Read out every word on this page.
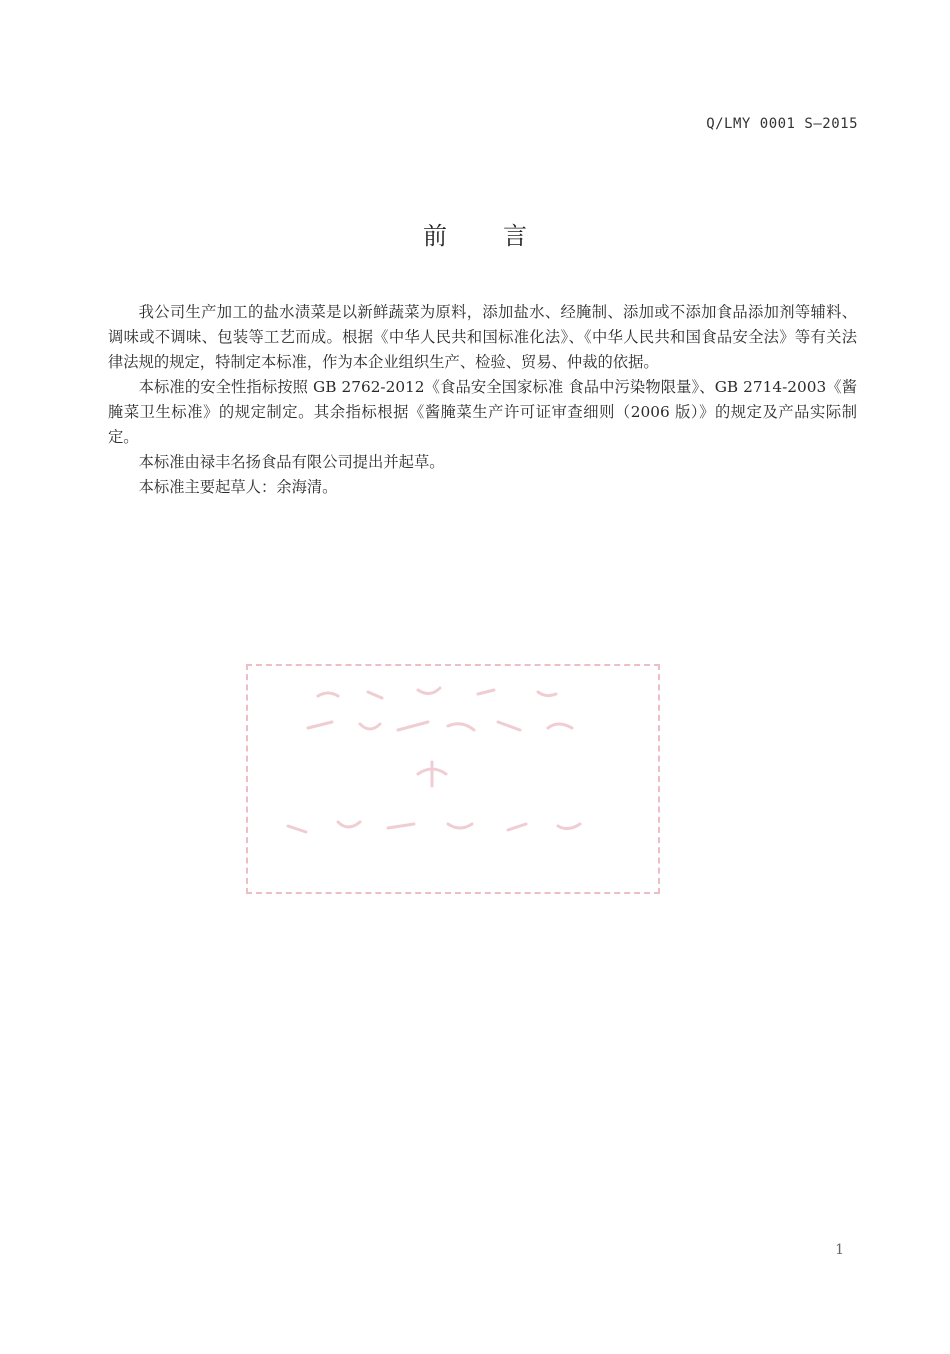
Q/LMY 0001 S—2015
前言

我公司生产加工的盐水渍菜是以新鲜蔬菜为原料，添加盐水、经腌制、添加或不添加食品添加剂等辅料、调味或不调味、包装等工艺而成。根据《中华人民共和国标准化法》、《中华人民共和国食品安全法》等有关法律法规的规定，特制定本标准，作为本企业组织生产、检验、贸易、仲裁的依据。

本标准的安全性指标按照 GB 2762-2012《食品安全国家标准 食品中污染物限量》、GB 2714-2003《酱腌菜卫生标准》的规定制定。其余指标根据《酱腌菜生产许可证审查细则（2006 版）》的规定及产品实际制定。

本标准由禄丰名扬食品有限公司提出并起草。

本标准主要起草人：余海清。

1
